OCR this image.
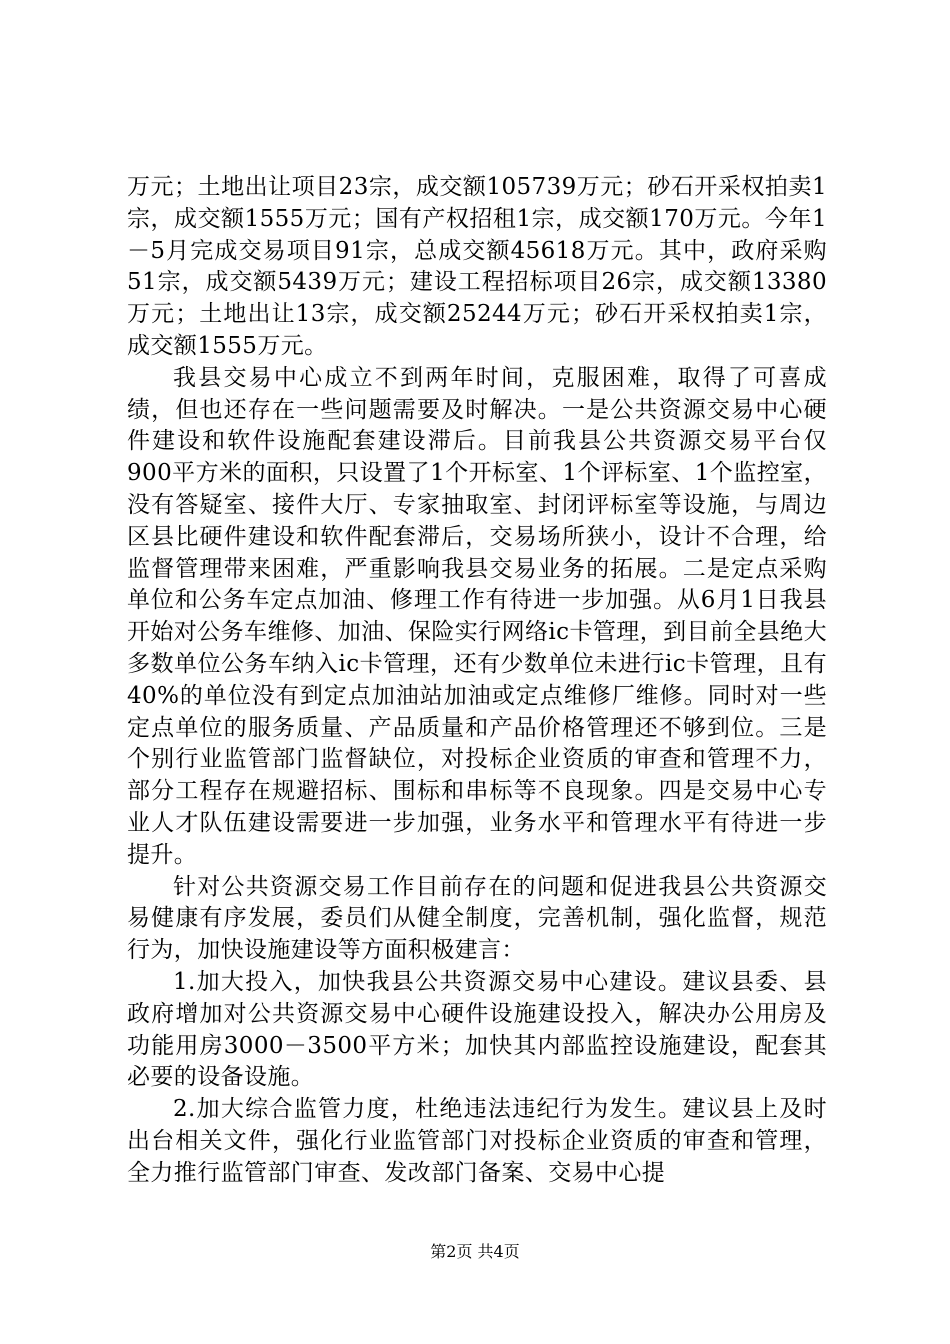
万元；土地出让项目23宗，成交额105739万元；砂石开采权拍卖1宗，成交额1555万元；国有产权招租1宗，成交额170万元。今年1－5月完成交易项目91宗，总成交额45618万元。其中，政府采购51宗，成交额5439万元；建设工程招标项目26宗，成交额13380万元；土地出让13宗，成交额25244万元；砂石开采权拍卖1宗，成交额1555万元。

我县交易中心成立不到两年时间，克服困难，取得了可喜成绩，但也还存在一些问题需要及时解决。一是公共资源交易中心硬件建设和软件设施配套建设滞后。目前我县公共资源交易平台仅900平方米的面积，只设置了1个开标室、1个评标室、1个监控室，没有答疑室、接件大厅、专家抽取室、封闭评标室等设施，与周边区县比硬件建设和软件配套滞后，交易场所狭小，设计不合理，给监督管理带来困难，严重影响我县交易业务的拓展。二是定点采购单位和公务车定点加油、修理工作有待进一步加强。从6月1日我县开始对公务车维修、加油、保险实行网络ic卡管理，到目前全县绝大多数单位公务车纳入ic卡管理，还有少数单位未进行ic卡管理，且有40%的单位没有到定点加油站加油或定点维修厂维修。同时对一些定点单位的服务质量、产品质量和产品价格管理还不够到位。三是个别行业监管部门监督缺位，对投标企业资质的审查和管理不力，部分工程存在规避招标、围标和串标等不良现象。四是交易中心专业人才队伍建设需要进一步加强，业务水平和管理水平有待进一步提升。

针对公共资源交易工作目前存在的问题和促进我县公共资源交易健康有序发展，委员们从健全制度，完善机制，强化监督，规范行为，加快设施建设等方面积极建言：

1.加大投入，加快我县公共资源交易中心建设。建议县委、县政府增加对公共资源交易中心硬件设施建设投入，解决办公用房及功能用房3000－3500平方米；加快其内部监控设施建设，配套其必要的设备设施。

2.加大综合监管力度，杜绝违法违纪行为发生。建议县上及时出台相关文件，强化行业监管部门对投标企业资质的审查和管理，全力推行监管部门审查、发改部门备案、交易中心提

第2页 共4页
